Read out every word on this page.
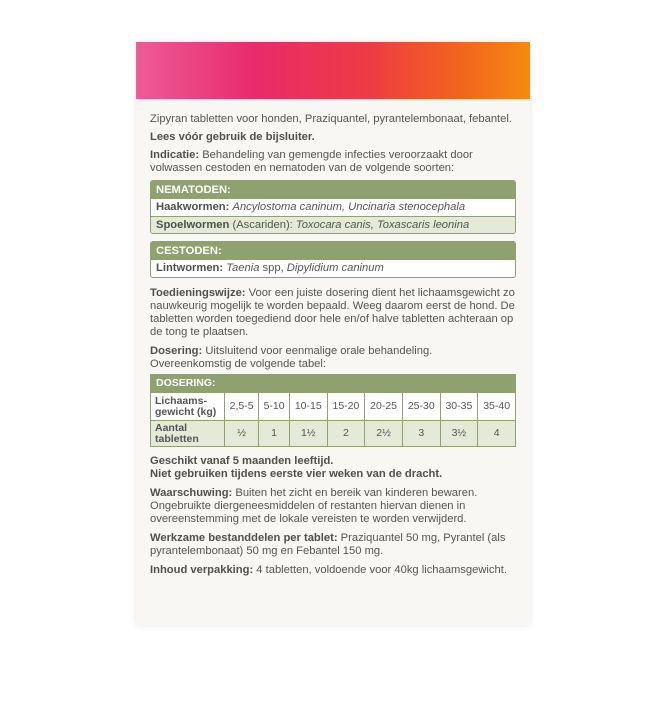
Zipyran tabletten voor honden, Praziquantel, pyrantelembonaat, febantel.

Lees vóór gebruik de bijsluiter.

Indicatie: Behandeling van gemengde infecties veroorzaakt door volwassen cestoden en nematoden van de volgende soorten:

NEMATODEN:
Haakwormen: Ancylostoma caninum, Uncinaria stenocephala
Spoelwormen (Ascariden): Toxocara canis, Toxascaris leonina
CESTODEN:
Lintwormen: Taenia spp, Dipylidium caninum

Toedieningswijze: Voor een juiste dosering dient het lichaamsgewicht zo nauwkeurig mogelijk te worden bepaald. Weeg daarom eerst de hond. De tabletten worden toegediend door hele en/of halve tabletten achteraan op de tong te plaatsen.

Dosering: Uitsluitend voor eenmalige orale behandeling. Overeenkomstig de volgende tabel:

DOSERING:								
Lichaams-gewicht (kg)	2,5-5	5-10	10-15	15-20	20-25	25-30	30-35	35-40
Aantal tabletten	½	1	1½	2	2½	3	3½	4

Geschikt vanaf 5 maanden leeftijd.
Niet gebruiken tijdens eerste vier weken van de dracht.

Waarschuwing: Buiten het zicht en bereik van kinderen bewaren. Ongebruikte diergeneesmiddelen of restanten hiervan dienen in overeenstemming met de lokale vereisten te worden verwijderd.

Werkzame bestanddelen per tablet: Praziquantel 50 mg, Pyrantel (als pyrantelembonaat) 50 mg en Febantel 150 mg.

Inhoud verpakking: 4 tabletten, voldoende voor 40kg lichaamsgewicht.
